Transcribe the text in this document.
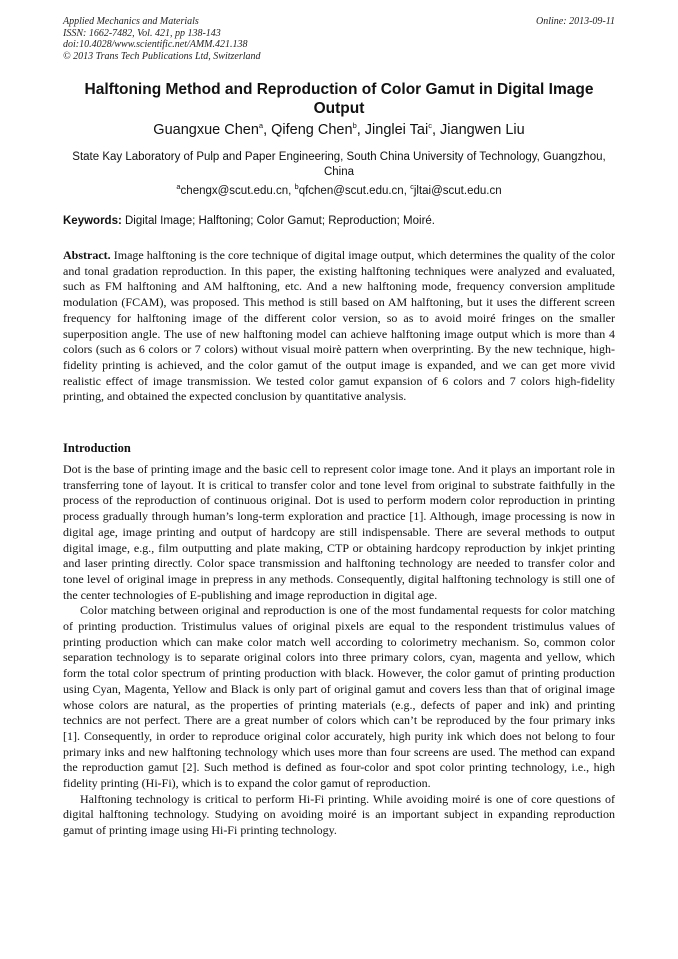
Applied Mechanics and Materials
ISSN: 1662-7482, Vol. 421, pp 138-143
doi:10.4028/www.scientific.net/AMM.421.138
© 2013 Trans Tech Publications Ltd, Switzerland
Online: 2013-09-11
Halftoning Method and Reproduction of Color Gamut in Digital Image Output
Guangxue Chen$^a$, Qifeng Chen$^b$, Jinglei Tai$^c$, Jiangwen Liu
State Kay Laboratory of Pulp and Paper Engineering, South China University of Technology, Guangzhou, China
$^a$chengx@scut.edu.cn, $^b$qfchen@scut.edu.cn, $^c$jltai@scut.edu.cn
Keywords: Digital Image; Halftoning; Color Gamut; Reproduction; Moiré.
Abstract. Image halftoning is the core technique of digital image output, which determines the quality of the color and tonal gradation reproduction. In this paper, the existing halftoning techniques were analyzed and evaluated, such as FM halftoning and AM halftoning, etc. And a new halftoning mode, frequency conversion amplitude modulation (FCAM), was proposed. This method is still based on AM halftoning, but it uses the different screen frequency for halftoning image of the different color version, so as to avoid moiré fringes on the smaller superposition angle. The use of new halftoning model can achieve halftoning image output which is more than 4 colors (such as 6 colors or 7 colors) without visual moirè pattern when overprinting. By the new technique, high-fidelity printing is achieved, and the color gamut of the output image is expanded, and we can get more vivid realistic effect of image transmission. We tested color gamut expansion of 6 colors and 7 colors high-fidelity printing, and obtained the expected conclusion by quantitative analysis.
Introduction

Dot is the base of printing image and the basic cell to represent color image tone. And it plays an important role in transferring tone of layout. It is critical to transfer color and tone level from original to substrate faithfully in the process of the reproduction of continuous original. Dot is used to perform modern color reproduction in printing process gradually through human’s long-term exploration and practice [1]. Although, image processing is now in digital age, image printing and output of hardcopy are still indispensable. There are several methods to output digital image, e.g., film outputting and plate making, CTP or obtaining hardcopy reproduction by inkjet printing and laser printing directly. Color space transmission and halftoning technology are needed to transfer color and tone level of original image in prepress in any methods. Consequently, digital halftoning technology is still one of the center technologies of E-publishing and image reproduction in digital age.

Color matching between original and reproduction is one of the most fundamental requests for color matching of printing production. Tristimulus values of original pixels are equal to the respondent tristimulus values of printing production which can make color match well according to colorimetry mechanism. So, common color separation technology is to separate original colors into three primary colors, cyan, magenta and yellow, which form the total color spectrum of printing production with black. However, the color gamut of printing production using Cyan, Magenta, Yellow and Black is only part of original gamut and covers less than that of original image whose colors are natural, as the properties of printing materials (e.g., defects of paper and ink) and printing technics are not perfect. There are a great number of colors which can’t be reproduced by the four primary inks [1]. Consequently, in order to reproduce original color accurately, high purity ink which does not belong to four primary inks and new halftoning technology which uses more than four screens are used. The method can expand the reproduction gamut [2]. Such method is defined as four-color and spot color printing technology, i.e., high fidelity printing (Hi-Fi), which is to expand the color gamut of reproduction.

Halftoning technology is critical to perform Hi-Fi printing. While avoiding moiré is one of core questions of digital halftoning technology. Studying on avoiding moiré is an important subject in expanding reproduction gamut of printing image using Hi-Fi printing technology.
